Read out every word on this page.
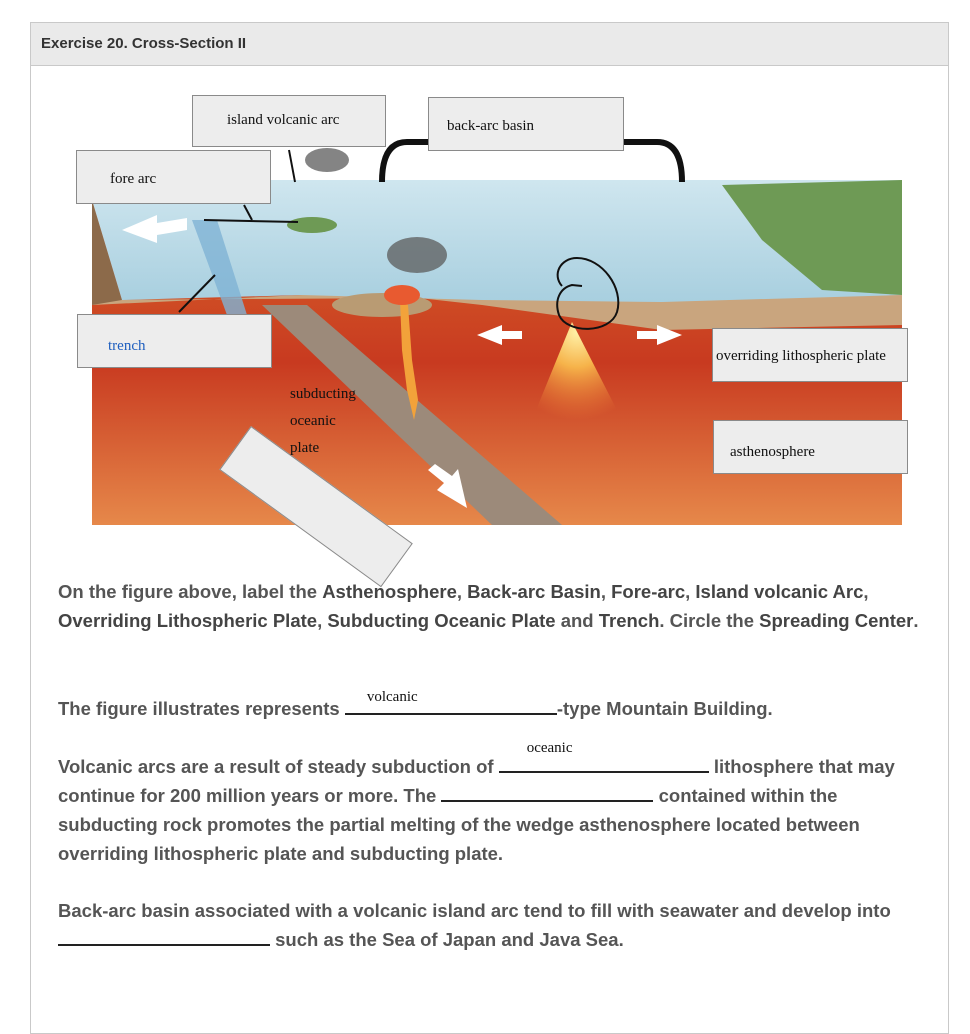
Exercise 20. Cross-Section II
island volcanic arc	back-arc basin
fore arc
trench
overriding lithospheric plate
asthenosphere
subducting
oceanic
plate
On the figure above, label the Asthenosphere, Back-arc Basin, Fore-arc, Island volcanic Arc, Overriding Lithospheric Plate, Subducting Oceanic Plate and Trench. Circle the Spreading Center.
The figure illustrates represents
volcanic
-type Mountain Building.
Volcanic arcs are a result of steady subduction of
oceanic
lithosphere that may continue for 200 million years or more. The	contained within the subducting rock promotes the partial melting of the wedge asthenosphere located between overriding lithospheric plate and subducting plate.
Back-arc basin associated with a volcanic island arc tend to fill with seawater and develop into
such as the Sea of Japan and Java Sea.
